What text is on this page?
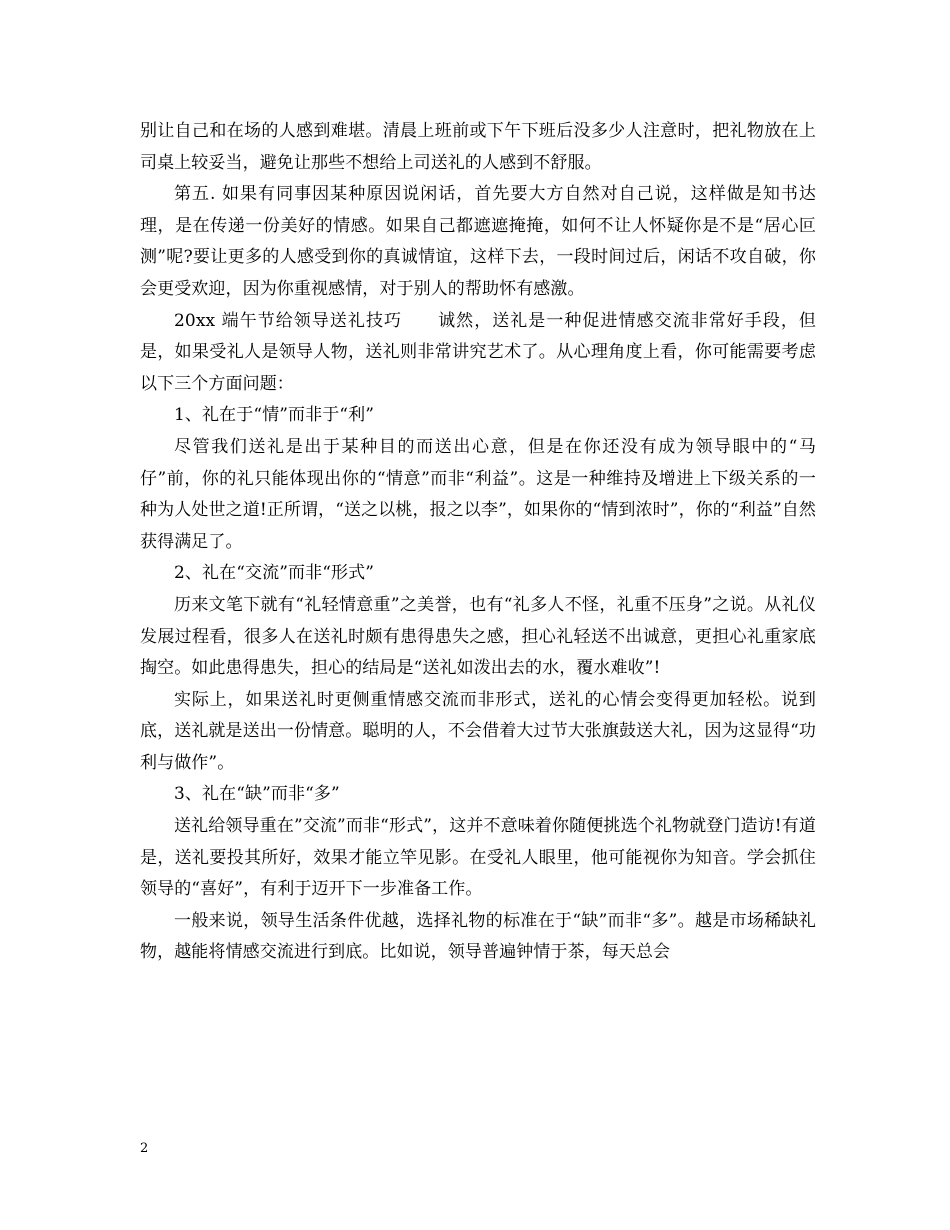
别让自己和在场的人感到难堪。清晨上班前或下午下班后没多少人注意时，把礼物放在上司桌上较妥当，避免让那些不想给上司送礼的人感到不舒服。

第五. 如果有同事因某种原因说闲话，首先要大方自然对自己说，这样做是知书达理，是在传递一份美好的情感。如果自己都遮遮掩掩，如何不让人怀疑你是不是“居心叵测”呢?要让更多的人感受到你的真诚情谊，这样下去，一段时间过后，闲话不攻自破，你会更受欢迎，因为你重视感情，对于别人的帮助怀有感激。

20xx 端午节给领导送礼技巧　　诚然，送礼是一种促进情感交流非常好手段，但是，如果受礼人是领导人物，送礼则非常讲究艺术了。从心理角度上看，你可能需要考虑以下三个方面问题：

1、礼在于“情”而非于“利”

尽管我们送礼是出于某种目的而送出心意，但是在你还没有成为领导眼中的“马仔”前，你的礼只能体现出你的“情意”而非“利益”。这是一种维持及增进上下级关系的一种为人处世之道!正所谓，“送之以桃，报之以李”，如果你的“情到浓时”，你的“利益”自然获得满足了。

2、礼在“交流”而非“形式”

历来文笔下就有“礼轻情意重”之美誉，也有“礼多人不怪，礼重不压身”之说。从礼仪发展过程看，很多人在送礼时颇有患得患失之感，担心礼轻送不出诚意，更担心礼重家底掏空。如此患得患失，担心的结局是“送礼如泼出去的水，覆水难收”!

实际上，如果送礼时更侧重情感交流而非形式，送礼的心情会变得更加轻松。说到底，送礼就是送出一份情意。聪明的人，不会借着大过节大张旗鼓送大礼，因为这显得“功利与做作”。

3、礼在“缺”而非“多”

送礼给领导重在”交流”而非“形式”，这并不意味着你随便挑选个礼物就登门造访!有道是，送礼要投其所好，效果才能立竿见影。在受礼人眼里，他可能视你为知音。学会抓住领导的“喜好”，有利于迈开下一步准备工作。

一般来说，领导生活条件优越，选择礼物的标准在于“缺”而非“多”。越是市场稀缺礼物，越能将情感交流进行到底。比如说，领导普遍钟情于茶，每天总会

2
